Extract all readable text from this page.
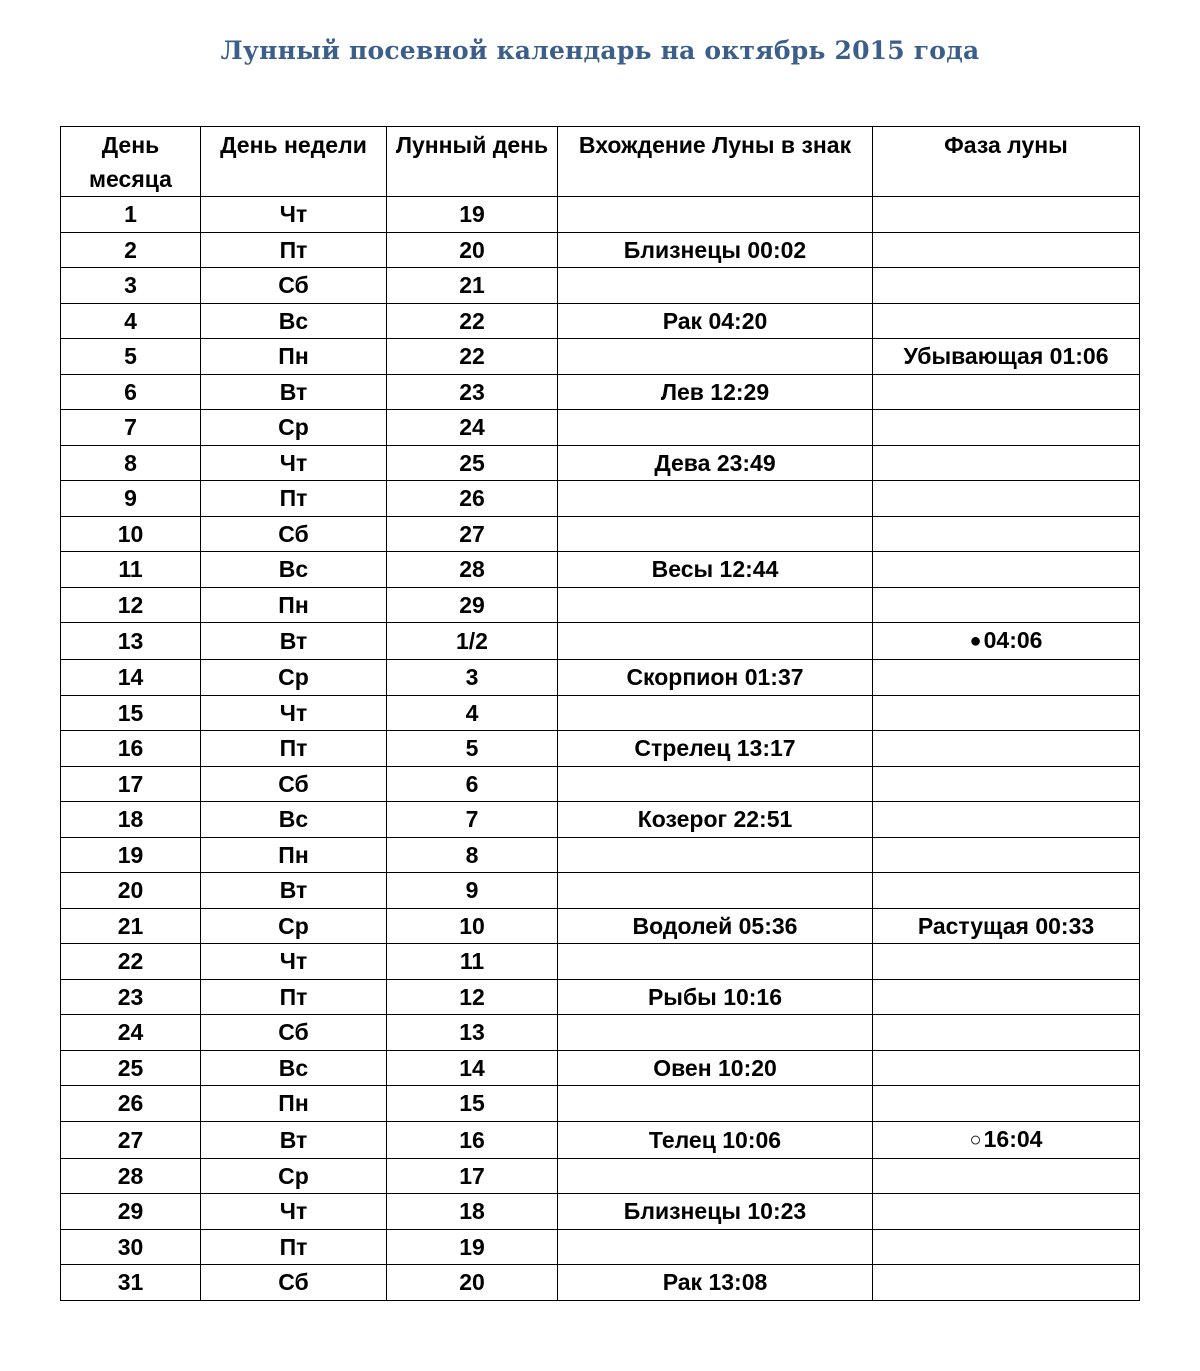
Лунный посевной календарь на октябрь 2015 года
День месяца	День недели	Лунный день	Вхождение Луны в знак	Фаза луны
1	Чт	19		
2	Пт	20	Близнецы 00:02	
3	Сб	21		
4	Вс	22	Рак 04:20	
5	Пн	22		Убывающая 01:06
6	Вт	23	Лев 12:29	
7	Ср	24		
8	Чт	25	Дева 23:49	
9	Пт	26		
10	Сб	27		
11	Вс	28	Весы 12:44	
12	Пн	29		
13	Вт	1/2		●04:06
14	Ср	3	Скорпион 01:37	
15	Чт	4		
16	Пт	5	Стрелец 13:17	
17	Сб	6		
18	Вс	7	Козерог 22:51	
19	Пн	8		
20	Вт	9		
21	Ср	10	Водолей 05:36	Растущая 00:33
22	Чт	11		
23	Пт	12	Рыбы 10:16	
24	Сб	13		
25	Вс	14	Овен 10:20	
26	Пн	15		
27	Вт	16	Телец 10:06	○16:04
28	Ср	17		
29	Чт	18	Близнецы 10:23	
30	Пт	19		
31	Сб	20	Рак 13:08	
